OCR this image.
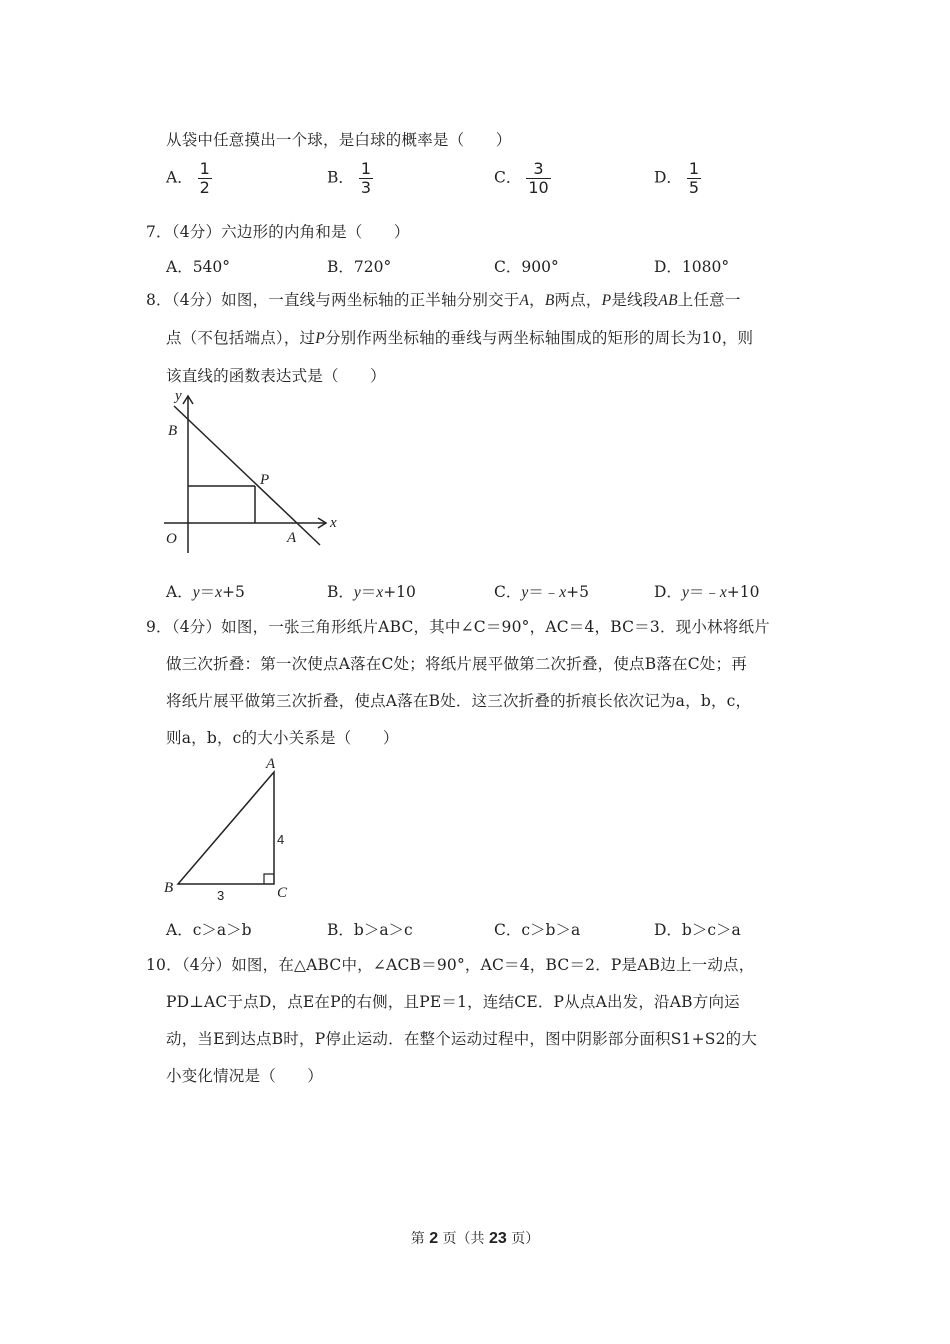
从袋中任意摸出一个球，是白球的概率是（　　）
A． $\frac{1}{2}$	B． $\frac{1}{3}$	C． $\frac{3}{10}$	D． $\frac{1}{5}$
7．（4分）六边形的内角和是（　　）
A．540°	B．720°	C．900°	D．1080°
8．（4分）如图，一直线与两坐标轴的正半轴分别交于A，B两点，P是线段AB上任意一
点（不包括端点），过P分别作两坐标轴的垂线与两坐标轴围成的矩形的周长为10，则
该直线的函数表达式是（　　）
y
x
B
P
O	A
A．y＝x+5	B．y＝x+10	C．y＝﹣x+5	D．y＝﹣x+10
9．（4分）如图，一张三角形纸片ABC，其中∠C＝90°，AC＝4，BC＝3．现小林将纸片
做三次折叠：第一次使点A落在C处；将纸片展平做第二次折叠，使点B落在C处；再
将纸片展平做第三次折叠，使点A落在B处．这三次折叠的折痕长依次记为a，b，c，
则a，b，c的大小关系是（　　）
A
B	C
4
3
A．c＞a＞b	B．b＞a＞c	C．c＞b＞a	D．b＞c＞a
10．（4分）如图，在△ABC中，∠ACB＝90°，AC＝4，BC＝2．P是AB边上一动点，
PD⊥AC于点D，点E在P的右侧，且PE＝1，连结CE．P从点A出发，沿AB方向运
动，当E到达点B时，P停止运动．在整个运动过程中，图中阴影部分面积S1+S2的大
小变化情况是（　　）
第 2 页（共 23 页）
